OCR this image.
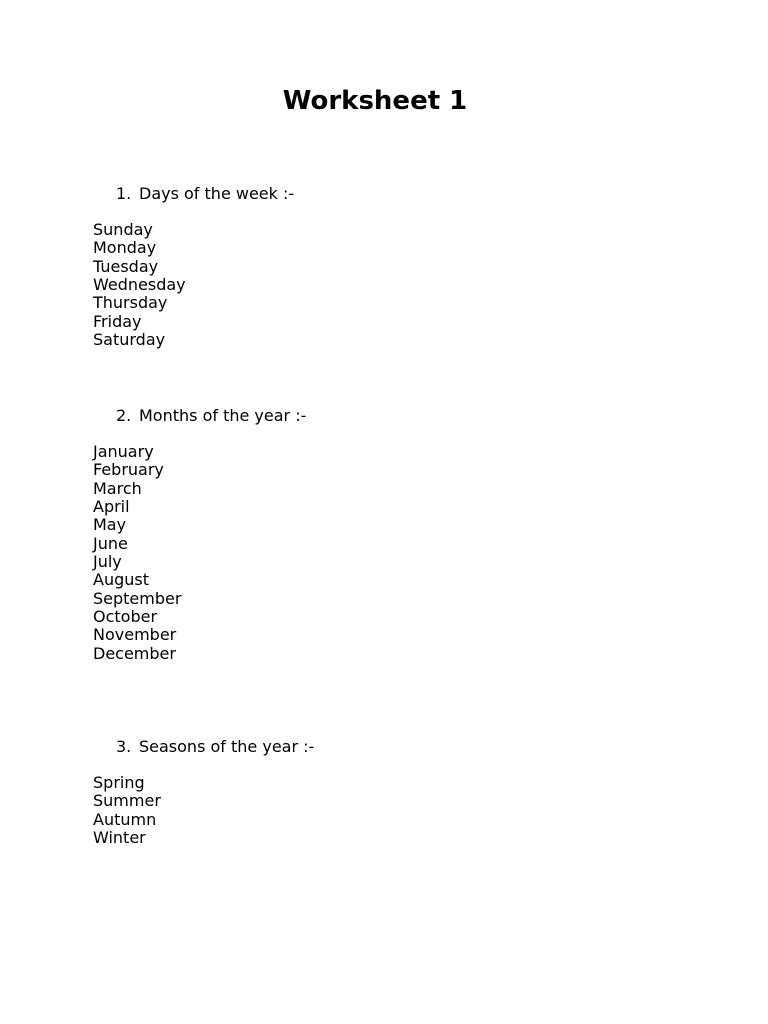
Worksheet 1

1. Days of the week :-

Sunday
Monday
Tuesday
Wednesday
Thursday
Friday
Saturday

2. Months of the year :-

January
February
March
April
May
June
July
August
September
October
November
December

3. Seasons of the year :-

Spring
Summer
Autumn
Winter
